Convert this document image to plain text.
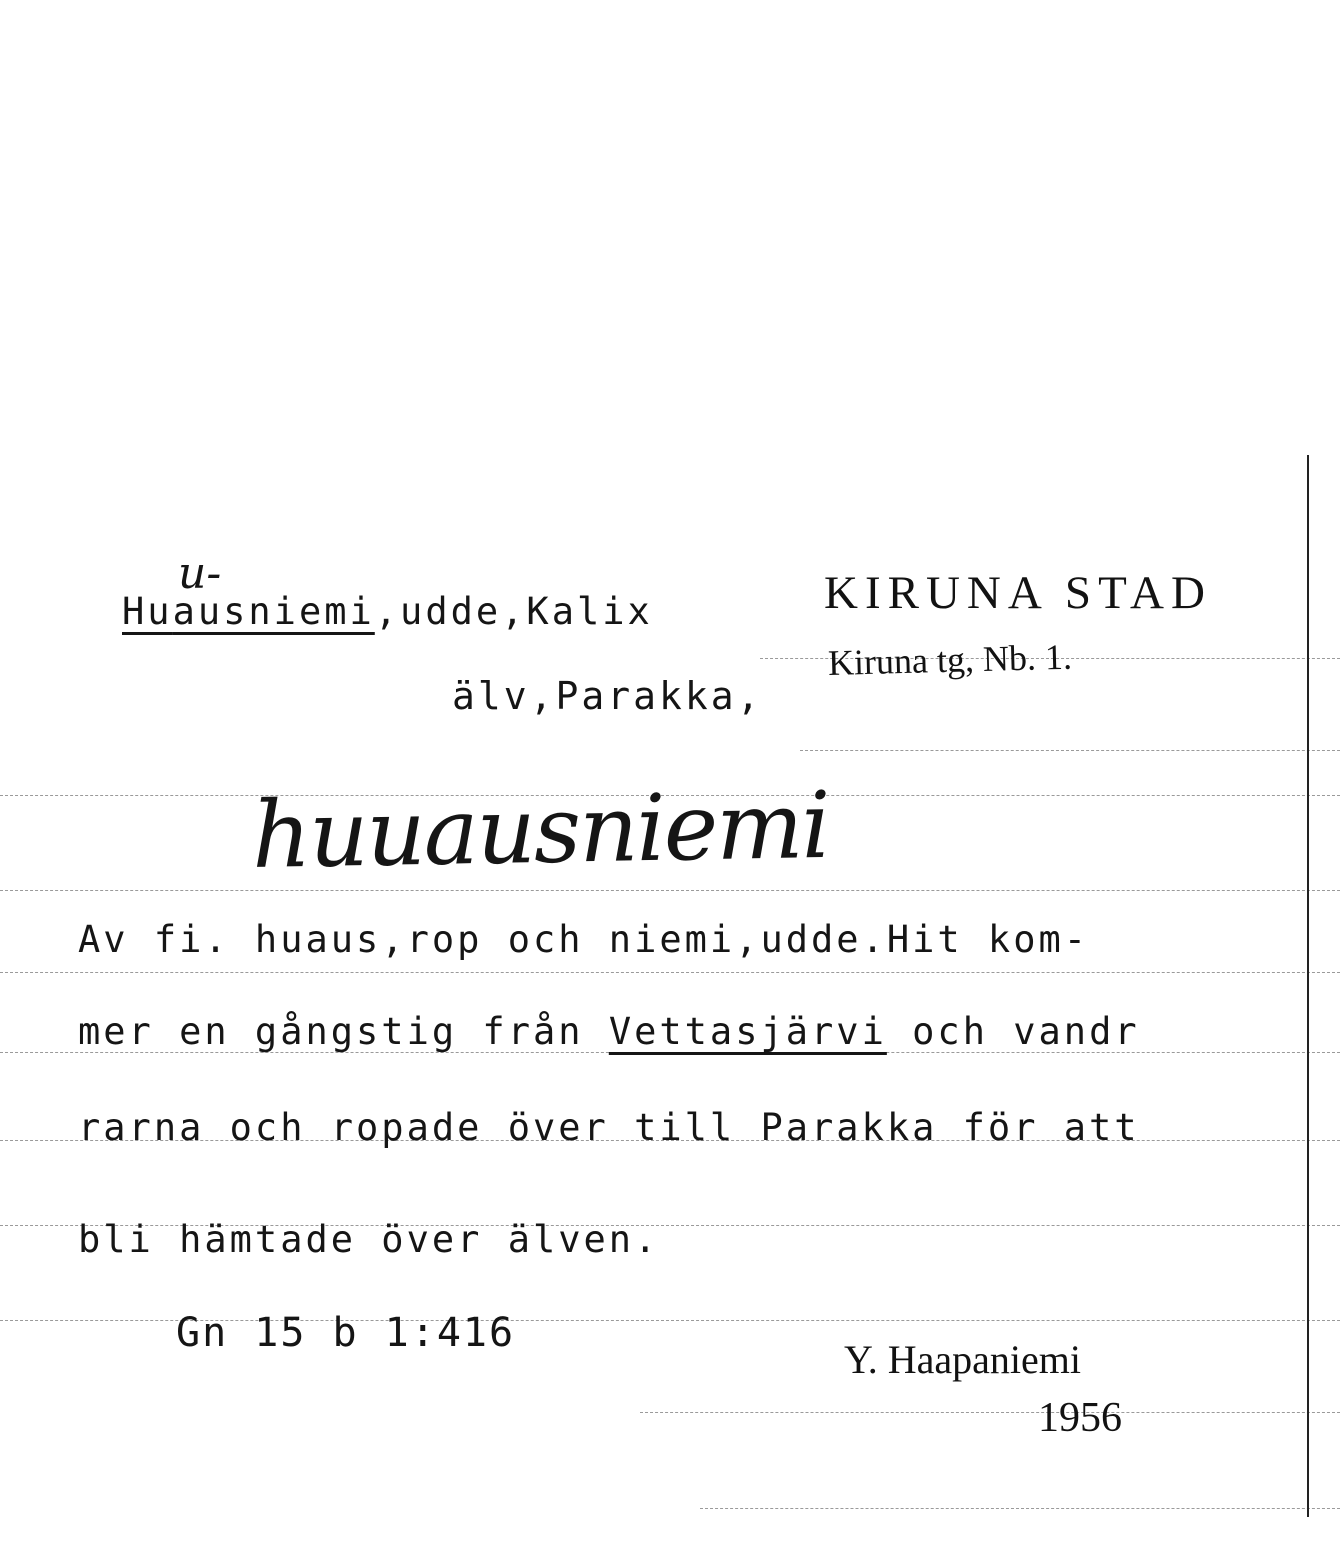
u-
Huausniemi,udde,Kalix
älv,Parakka,
KIRUNA STAD
Kiruna tg, Nb. 1.
huuausniemi
Av fi. huaus,rop och niemi,udde.Hit kom-
mer en gångstig från Vettasjärvi och vandr
rarna och ropade över till Parakka för att
bli hämtade över älven.
Gn 15 b 1:416
Y. Haapaniemi
1956
